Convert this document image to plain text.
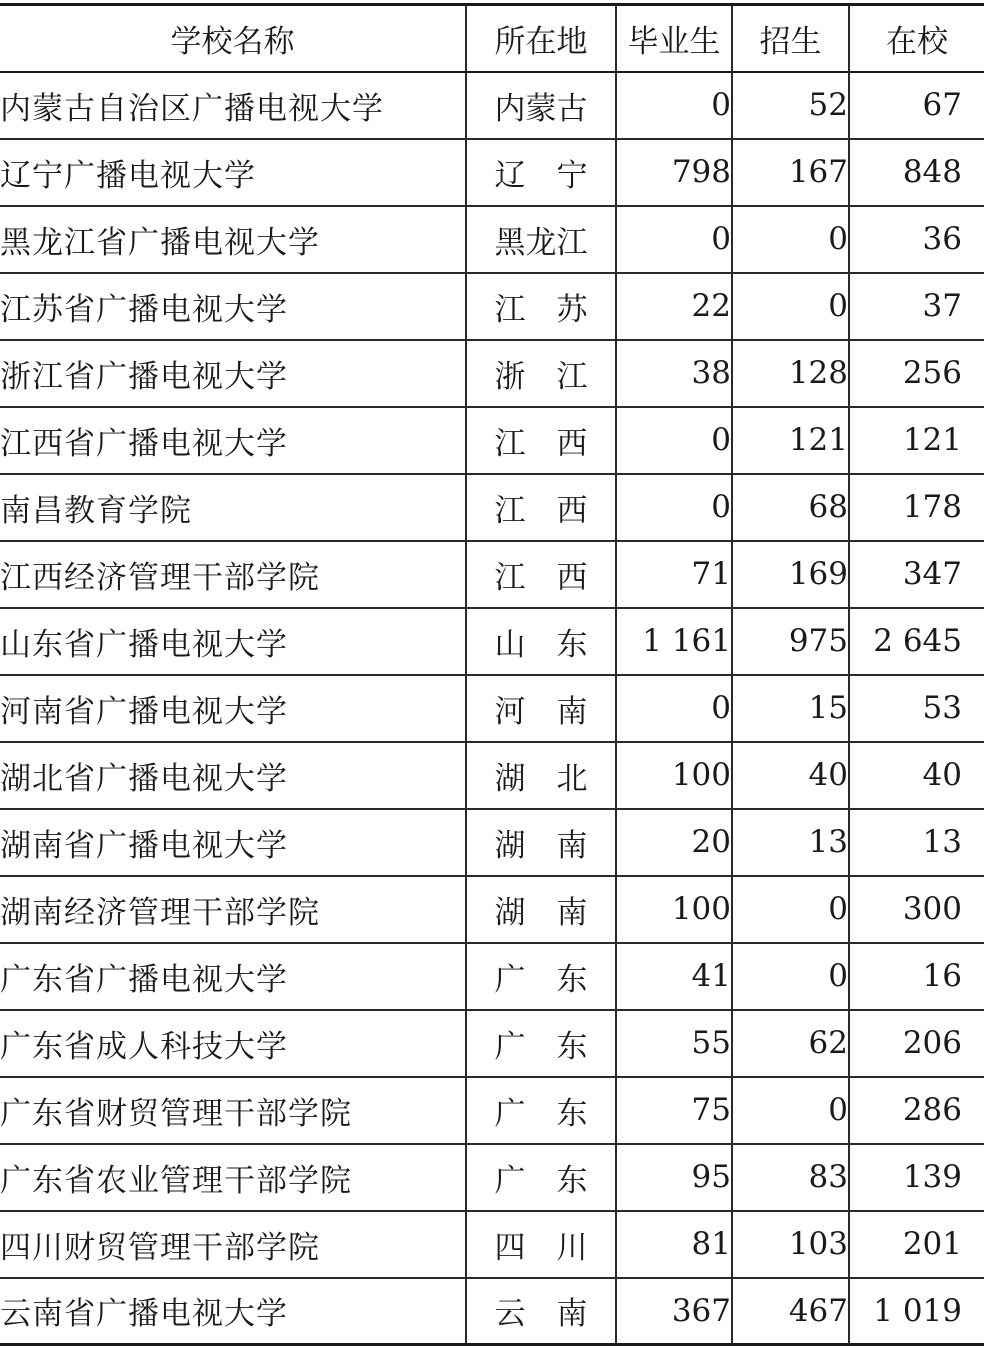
学校名称	所在地	毕业生	招生	在校
内蒙古自治区广播电视大学	内蒙古	0	52	67
辽宁广播电视大学	辽　宁	798	167	848
黑龙江省广播电视大学	黑龙江	0	0	36
江苏省广播电视大学	江　苏	22	0	37
浙江省广播电视大学	浙　江	38	128	256
江西省广播电视大学	江　西	0	121	121
南昌教育学院	江　西	0	68	178
江西经济管理干部学院	江　西	71	169	347
山东省广播电视大学	山　东	1 161	975	2 645
河南省广播电视大学	河　南	0	15	53
湖北省广播电视大学	湖　北	100	40	40
湖南省广播电视大学	湖　南	20	13	13
湖南经济管理干部学院	湖　南	100	0	300
广东省广播电视大学	广　东	41	0	16
广东省成人科技大学	广　东	55	62	206
广东省财贸管理干部学院	广　东	75	0	286
广东省农业管理干部学院	广　东	95	83	139
四川财贸管理干部学院	四　川	81	103	201
云南省广播电视大学	云　南	367	467	1 019
